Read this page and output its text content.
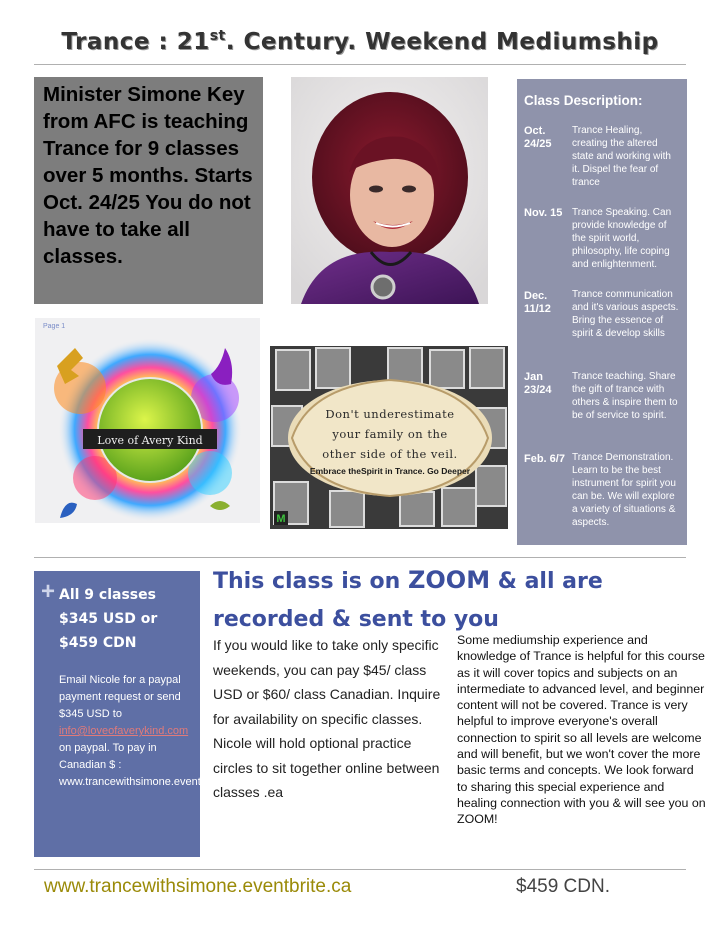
Trance : 21st. Century. Weekend Mediumship

Minister Simone Key from AFC is teaching Trance for 9 classes over 5 months. Starts Oct. 24/25 You do not have to take all classes.

Class Description:
Oct. 24/25
Trance Healing, creating the altered state and working with it. Dispel the fear of trance
Nov. 15 Trance Speaking. Can provide knowledge of the spirit world, philosophy, life coping and enlightenment.
Dec. 11/12
Trance communication and it's various aspects. Bring the essence of spirit & develop skills
Jan 23/24
Trance teaching. Share the gift of trance with others & inspire them to be of service to spirit.
Feb. 6/7 Trance Demonstration. Learn to be the best instrument for spirit you can be. We will explore a variety of situations & aspects.
Page 1
Love of Avery Kind
Don't underestimate
your family on the
other side of the veil.
Embrace theSpirit in Trance. Go Deeper
M
+ All 9 classes
$345 USD or
$459 CDN
Email Nicole for a paypal payment request or send $345 USD to info@loveofaverykind.com on paypal. To pay in Canadian $ : www.trancewithsimone.eventbrite.ca
This class is on ZOOM & all are recorded & sent to you
If you would like to take only specific weekends, you can pay $45/ class USD or $60/ class Canadian. Inquire for availability on specific classes. Nicole will hold optional practice circles to sit together online between classes .ea
Some mediumship experience and knowledge of Trance is helpful for this course as it will cover topics and subjects on an intermediate to advanced level, and beginner content will not be covered. Trance is very helpful to improve everyone's overall connection to spirit so all levels are welcome and will benefit, but we won't cover the more basic terms and concepts. We look forward to sharing this special experience and healing connection with you & will see you on ZOOM!
www.trancewithsimone.eventbrite.ca	$459 CDN.
